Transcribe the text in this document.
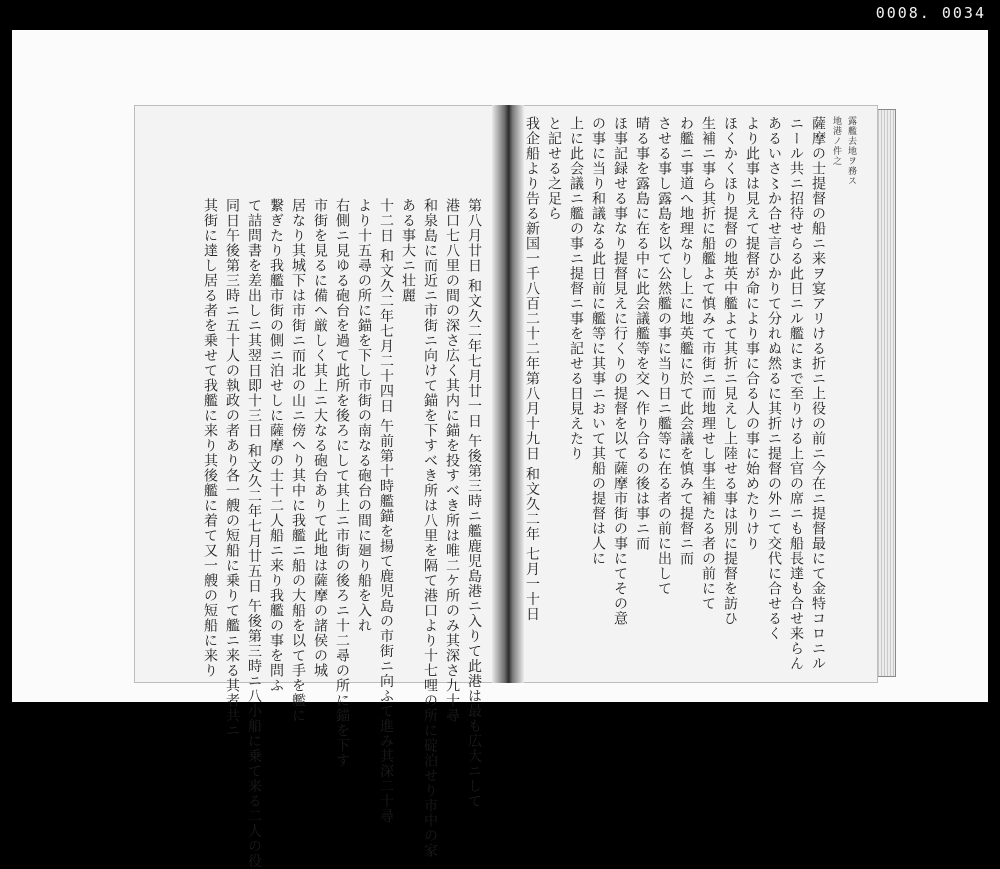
0008. 0034
第八月廿日 和文久二年七月廿一日 午後第三時ニ艦鹿児島港ニ入りて此港は最も広大ニして
港口七八里の間の深さ広く其内に錨を投すべき所は唯二ケ所のみ其深さ九十尋
和泉島に而近ニ市街ニ向けて錨を下すべき所は八里を隔て港口より十七哩の所に碇泊せり市中の家
ある事大ニ壮麗
十二日 和文久二年七月二十四日 午前第十時艦錨を揚て鹿児島の市街ニ向ふて進み其深二十尋
より十五尋の所に錨を下し市街の南なる砲台の間に廻り船を入れ
右側ニ見ゆる砲台を過て此所を後ろにして其上ニ市街の後ろニ十二尋の所に錨を下す
市街を見るに備へ厳しく其上ニ大なる砲台ありて此地は薩摩の諸侯の城
居なり其城下は市街ニ而北の山ニ傍へり其中に我艦ニ船の大船を以て手を艦に
繋ぎたり我艦市街の側ニ泊せしに薩摩の士十二人船ニ来り我艦の事を問ふ
て詰問書を差出しニ其翌日即十三日 和文久二年七月廿五日 午後第三時ニ八小船に乗て来る二人の役
同日午後第三時ニ五十人の執政の者あり各一艘の短船に乗りて艦ニ来る其者共ニ
其街に達し居る者を乗せて我艦に来り其後艦に着て又一艘の短船に来り
露艦去地ヲ務ス
地港ノ件之
薩摩の士提督の船ニ来ヲ宴アリける折ニ上役の前ニ今在ニ提督最にて金特コロニル
ニール共ニ招待せらる此日ニル艦にまで至りける上官の席ニも船長達も合せ来らん
あるいさ〻か合せ言ひかりて分れぬ然るに其折ニ提督の外ニて交代に合せるく
より此事は見えて提督が命により事に合る人の事に始めたりけり
ほくかくほり提督の地英中艦よて其折ニ見えし上陸せる事は別に提督を訪ひ
生補ニ事ら其折に船艦よて慎みて市街ニ而地理せし事生補たる者の前にて
わ艦ニ事道へ地理なりし上に地英艦に於て此会議を慎みて提督ニ而
させる事し露島を以て公然艦の事に当り日ニ艦等に在る者の前に出して
晴る事を露島に在る中に此会議艦等を交へ作り合るの後は事ニ而
ほ事記録せる事なり提督見えに行くりの提督を以て薩摩市街の事にてその意
の事に当り和議なる此日前に艦等に其事ニおいて其船の提督は人に
上に此会議ニ艦の事ニ提督ニ事を記せる日見えたり
と記せる之足ら
我企船より告る新国一千八百二十二年第八月十九日 和文久二年 七月一十日
